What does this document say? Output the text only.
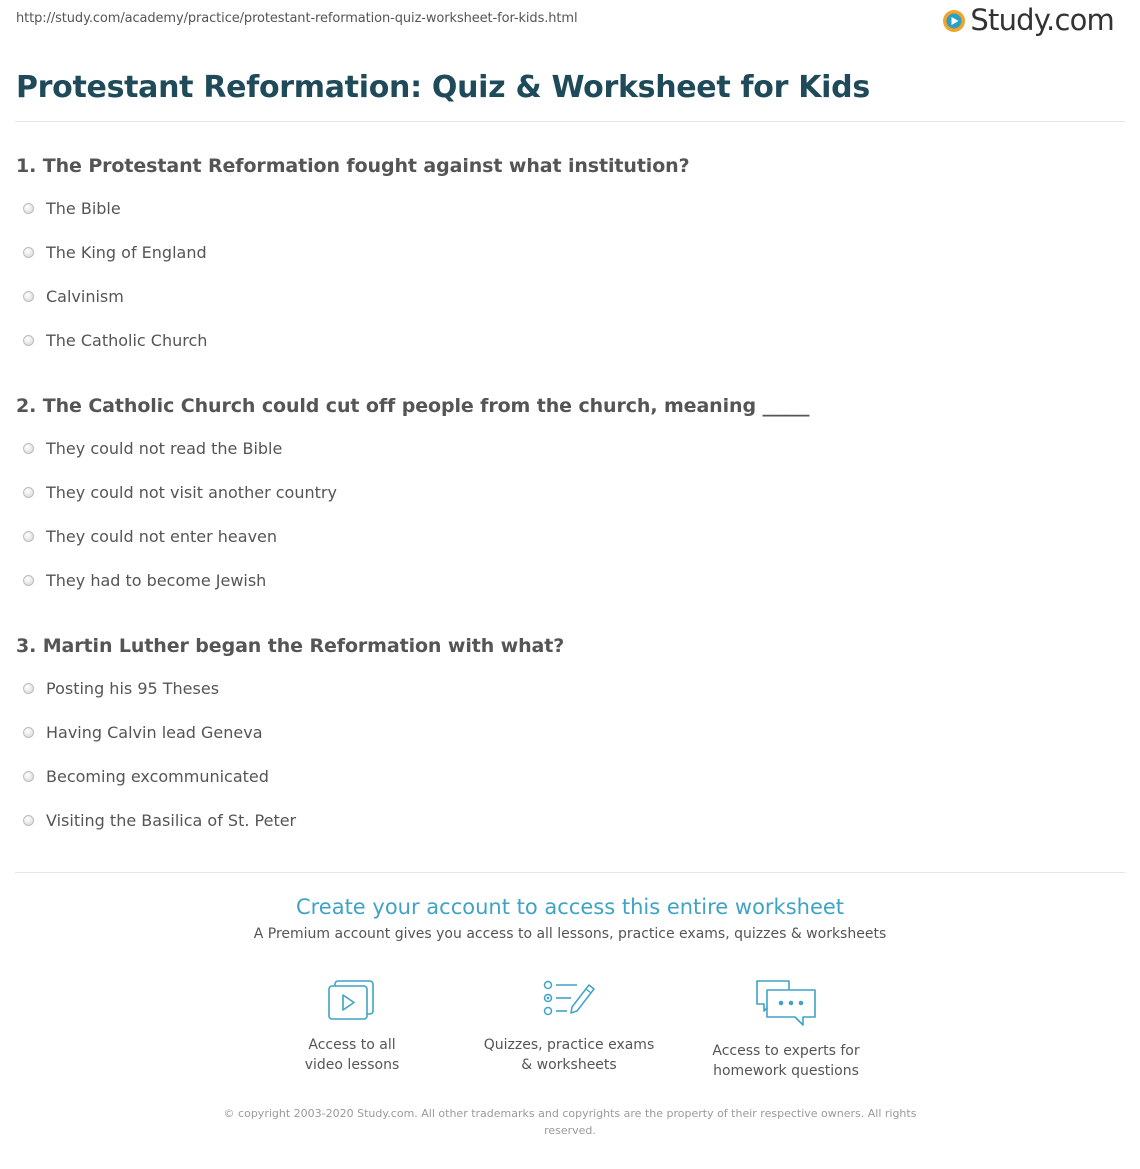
http://study.com/academy/practice/protestant-reformation-quiz-worksheet-for-kids.html	Study.com
Protestant Reformation: Quiz & Worksheet for Kids
1. The Protestant Reformation fought against what institution?
The Bible
The King of England
Calvinism
The Catholic Church
2. The Catholic Church could cut off people from the church, meaning _____
They could not read the Bible
They could not visit another country
They could not enter heaven
They had to become Jewish
3. Martin Luther began the Reformation with what?
Posting his 95 Theses
Having Calvin lead Geneva
Becoming excommunicated
Visiting the Basilica of St. Peter
Create your account to access this entire worksheet
A Premium account gives you access to all lessons, practice exams, quizzes & worksheets
Access to all
video lessons
Quizzes, practice exams
& worksheets
Access to experts for
homework questions
© copyright 2003-2020 Study.com. All other trademarks and copyrights are the property of their respective owners. All rights
reserved.
